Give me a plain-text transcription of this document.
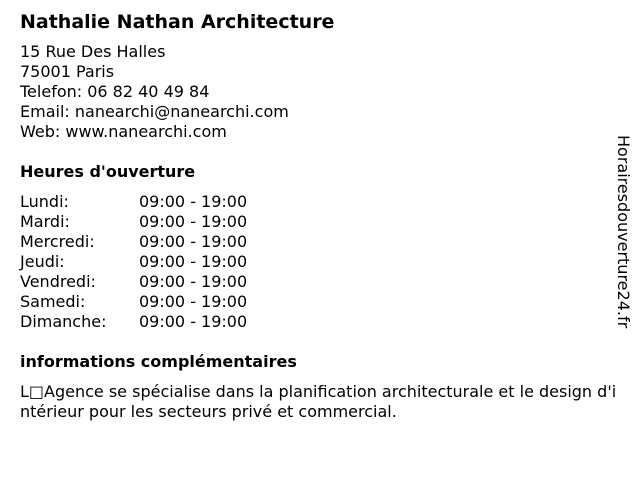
Nathalie Nathan Architecture
15 Rue Des Halles
75001 Paris
Telefon: 06 82 40 49 84
Email: nanearchi@nanearchi.com
Web: www.nanearchi.com
Heures d'ouverture
Lundi:	09:00 - 19:00
Mardi:	09:00 - 19:00
Mercredi:	09:00 - 19:00
Jeudi:	09:00 - 19:00
Vendredi:	09:00 - 19:00
Samedi:	09:00 - 19:00
Dimanche:	09:00 - 19:00
informations complémentaires
L□Agence se spécialise dans la planification architecturale et le design d'intérieur pour les secteurs privé et commercial.
Horairesdouverture24.fr
